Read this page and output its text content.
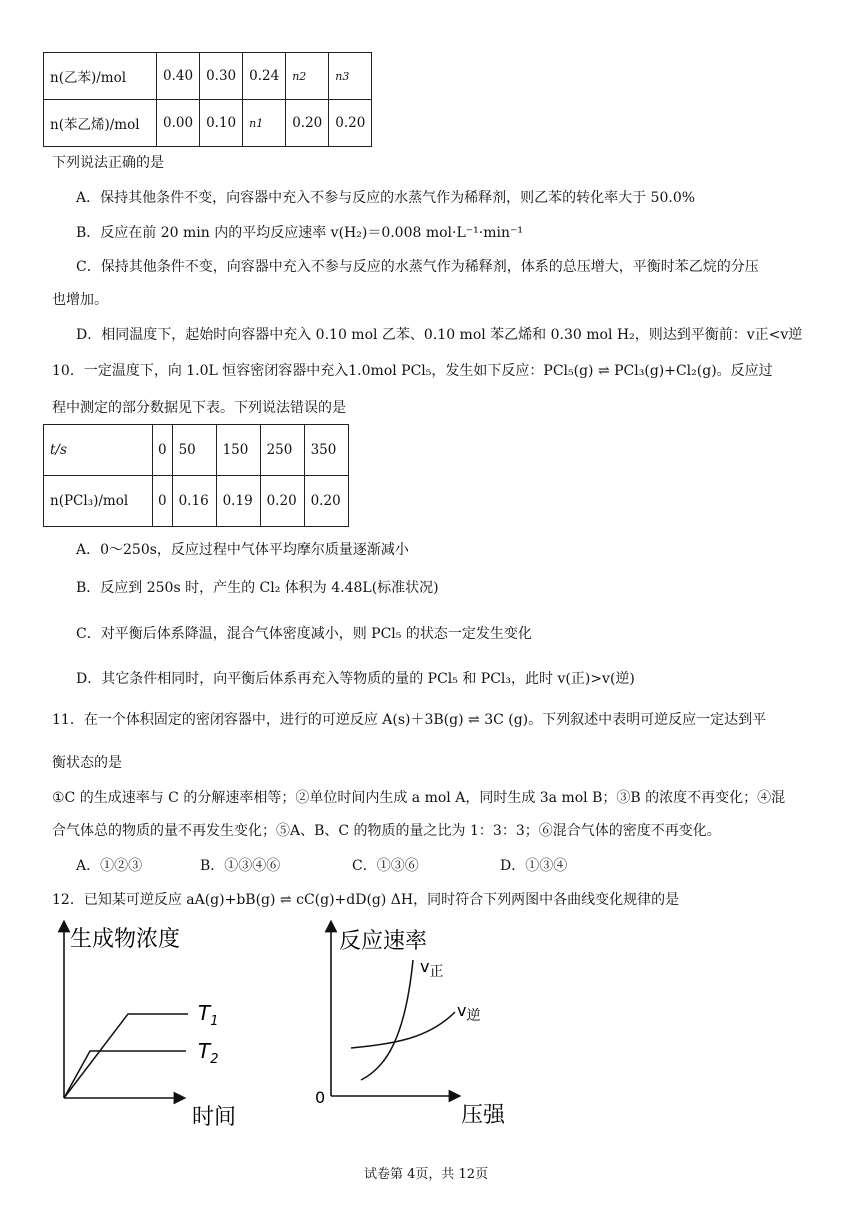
n(乙苯)/mol	0.40	0.30	0.24	n2	n3
n(苯乙烯)/mol	0.00	0.10	n1	0.20	0.20
下列说法正确的是
A．保持其他条件不变，向容器中充入不参与反应的水蒸气作为稀释剂，则乙苯的转化率大于 50.0%
B．反应在前 20 min 内的平均反应速率 v(H₂)＝0.008 mol·L⁻¹·min⁻¹
C．保持其他条件不变，向容器中充入不参与反应的水蒸气作为稀释剂，体系的总压增大，平衡时苯乙烷的分压
也增加。
D．相同温度下，起始时向容器中充入 0.10 mol 乙苯、0.10 mol 苯乙烯和 0.30 mol H₂，则达到平衡前：v正<v逆
10．一定温度下，向 1.0L 恒容密闭容器中充入1.0mol PCl₅，发生如下反应：PCl₅(g) ⇌ PCl₃(g)+Cl₂(g)。反应过
程中测定的部分数据见下表。下列说法错误的是
t/s	0	50	150	250	350
n(PCl₃)/mol	0	0.16	0.19	0.20	0.20
A．0～250s，反应过程中气体平均摩尔质量逐渐减小
B．反应到 250s 时，产生的 Cl₂ 体积为 4.48L(标准状况)
C．对平衡后体系降温，混合气体密度减小，则 PCl₅ 的状态一定发生变化
D．其它条件相同时，向平衡后体系再充入等物质的量的 PCl₅ 和 PCl₃，此时 v(正)>v(逆)
11．在一个体积固定的密闭容器中，进行的可逆反应 A(s)＋3B(g) ⇌ 3C (g)。下列叙述中表明可逆反应一定达到平
衡状态的是
①C 的生成速率与 C 的分解速率相等；②单位时间内生成 a mol A，同时生成 3a mol B；③B 的浓度不再变化；④混
合气体总的物质的量不再发生变化；⑤A、B、C 的物质的量之比为 1：3：3；⑥混合气体的密度不再变化。
A．①②③	B．①③④⑥	C．①③⑥	D．①③④
12．已知某可逆反应 aA(g)+bB(g) ⇌ cC(g)+dD(g) ΔH，同时符合下列两图中各曲线变化规律的是
生成物浓度
时间
$T_1$
$T_2$
反应速率
压强
0
v正
v逆
试卷第 4页，共 12页
